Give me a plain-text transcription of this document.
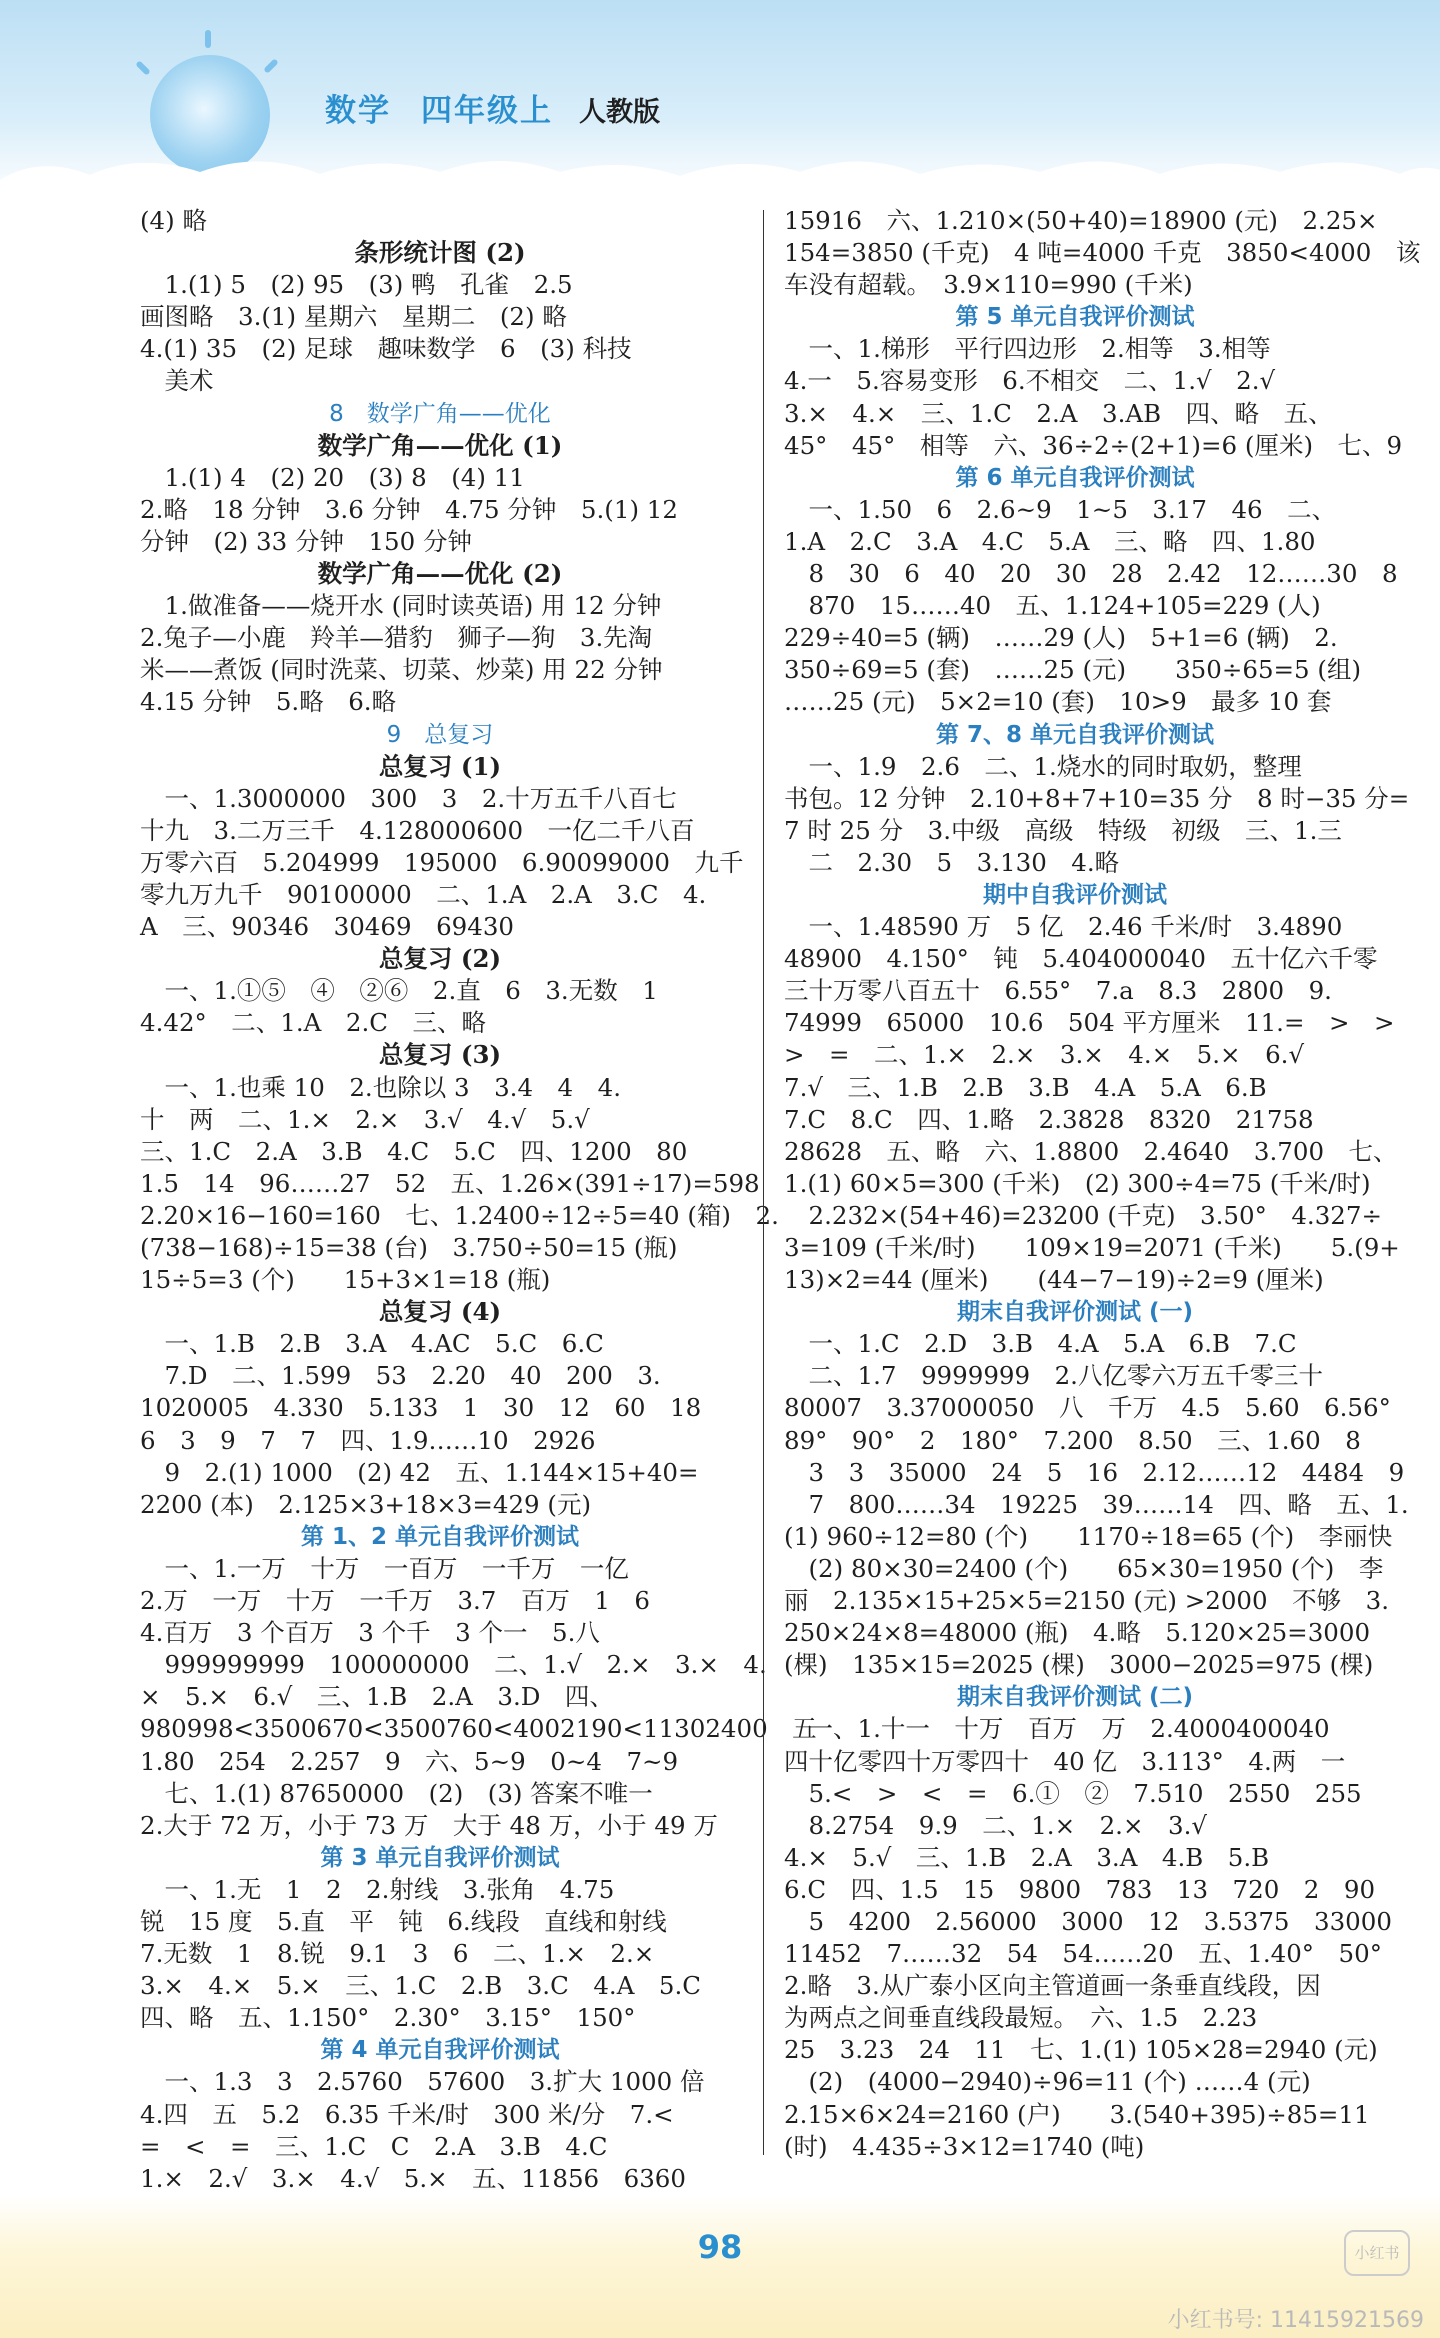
数学 四年级上 人教版
(4) 略
条形统计图 (2)
　1.(1) 5　(2) 95　(3) 鸭　孔雀　2.5
画图略　3.(1) 星期六　星期二　(2) 略
4.(1) 35　(2) 足球　趣味数学　6　(3) 科技
　美术
8　数学广角——优化
数学广角——优化 (1)
　1.(1) 4　(2) 20　(3) 8　(4) 11
2.略　18 分钟　3.6 分钟　4.75 分钟　5.(1) 12
分钟　(2) 33 分钟　150 分钟
数学广角——优化 (2)
　1.做准备——烧开水 (同时读英语) 用 12 分钟
2.兔子—小鹿　羚羊—猎豹　狮子—狗　3.先淘
米——煮饭 (同时洗菜、切菜、炒菜) 用 22 分钟
4.15 分钟　5.略　6.略
9　总复习
总复习 (1)
　一、1.3000000　300　3　2.十万五千八百七
十九　3.二万三千　4.128000600　一亿二千八百
万零六百　5.204999　195000　6.90099000　九千
零九万九千　90100000　二、1.A　2.A　3.C　4.
A　三、90346　30469　69430
总复习 (2)
　一、1.①⑤　④　②⑥　2.直　6　3.无数　1
4.42°　二、1.A　2.C　三、略
总复习 (3)
　一、1.也乘 10　2.也除以 3　3.4　4　4.
十　两　二、1.×　2.×　3.√　4.√　5.√
三、1.C　2.A　3.B　4.C　5.C　四、1200　80
1.5　14　96……27　52　五、1.26×(391÷17)=598
2.20×16−160=160　七、1.2400÷12÷5=40 (箱)　2.
(738−168)÷15=38 (台)　3.750÷50=15 (瓶)
15÷5=3 (个)　　15+3×1=18 (瓶)
总复习 (4)
　一、1.B　2.B　3.A　4.AC　5.C　6.C
　7.D　二、1.599　53　2.20　40　200　3.
1020005　4.330　5.133　1　30　12　60　18
6　3　9　7　7　四、1.9……10　2926
　9　2.(1) 1000　(2) 42　五、1.144×15+40=
2200 (本)　2.125×3+18×3=429 (元)
第 1、2 单元自我评价测试
　一、1.一万　十万　一百万　一千万　一亿
2.万　一万　十万　一千万　3.7　百万　1　6
4.百万　3 个百万　3 个千　3 个一　5.八
　999999999　100000000　二、1.√　2.×　3.×　4.
×　5.×　6.√　三、1.B　2.A　3.D　四、
980998<3500670<3500760<4002190<11302400　五
1.80　254　2.257　9　六、5~9　0~4　7~9
　七、1.(1) 87650000　(2)　(3) 答案不唯一
2.大于 72 万，小于 73 万　大于 48 万，小于 49 万
第 3 单元自我评价测试
　一、1.无　1　2　2.射线　3.张角　4.75
锐　15 度　5.直　平　钝　6.线段　直线和射线
7.无数　1　8.锐　9.1　3　6　二、1.×　2.×
3.×　4.×　5.×　三、1.C　2.B　3.C　4.A　5.C
四、略　五、1.150°　2.30°　3.15°　150°
第 4 单元自我评价测试
　一、1.3　3　2.5760　57600　3.扩大 1000 倍
4.四　五　5.2　6.35 千米/时　300 米/分　7.<
=　<　=　三、1.C　C　2.A　3.B　4.C
1.×　2.√　3.×　4.√　5.×　五、11856　6360
15916　六、1.210×(50+40)=18900 (元)　2.25×
154=3850 (千克)　4 吨=4000 千克　3850<4000　该
车没有超载。　3.9×110=990 (千米)
第 5 单元自我评价测试
　一、1.梯形　平行四边形　2.相等　3.相等
4.一　5.容易变形　6.不相交　二、1.√　2.√
3.×　4.×　三、1.C　2.A　3.AB　四、略　五、
45°　45°　相等　六、36÷2÷(2+1)=6 (厘米)　七、9
第 6 单元自我评价测试
　一、1.50　6　2.6~9　1~5　3.17　46　二、
1.A　2.C　3.A　4.C　5.A　三、略　四、1.80
　8　30　6　40　20　30　28　2.42　12……30　8
　870　15……40　五、1.124+105=229 (人)
229÷40=5 (辆)　……29 (人)　5+1=6 (辆)　2.
350÷69=5 (套)　……25 (元)　　350÷65=5 (组)
……25 (元)　5×2=10 (套)　10>9　最多 10 套
第 7、8 单元自我评价测试
　一、1.9　2.6　二、1.烧水的同时取奶，整理
书包。12 分钟　2.10+8+7+10=35 分　8 时−35 分=
7 时 25 分　3.中级　高级　特级　初级　三、1.三
　二　2.30　5　3.130　4.略
期中自我评价测试
　一、1.48590 万　5 亿　2.46 千米/时　3.4890
48900　4.150°　钝　5.404000040　五十亿六千零
三十万零八百五十　6.55°　7.a　8.3　2800　9.
74999　65000　10.6　504 平方厘米　11.=　>　>
>　=　二、1.×　2.×　3.×　4.×　5.×　6.√
7.√　三、1.B　2.B　3.B　4.A　5.A　6.B
7.C　8.C　四、1.略　2.3828　8320　21758
28628　五、略　六、1.8800　2.4640　3.700　七、
1.(1) 60×5=300 (千米)　(2) 300÷4=75 (千米/时)
　2.232×(54+46)=23200 (千克)　3.50°　4.327÷
3=109 (千米/时)　　109×19=2071 (千米)　　5.(9+
13)×2=44 (厘米)　　(44−7−19)÷2=9 (厘米)
期末自我评价测试 (一)
　一、1.C　2.D　3.B　4.A　5.A　6.B　7.C
　二、1.7　9999999　2.八亿零六万五千零三十
80007　3.37000050　八　千万　4.5　5.60　6.56°
89°　90°　2　180°　7.200　8.50　三、1.60　8
　3　3　35000　24　5　16　2.12……12　4484　9
　7　800……34　19225　39……14　四、略　五、1.
(1) 960÷12=80 (个)　　1170÷18=65 (个)　李丽快
　(2) 80×30=2400 (个)　　65×30=1950 (个)　李
丽　2.135×15+25×5=2150 (元) >2000　不够　3.
250×24×8=48000 (瓶)　4.略　5.120×25=3000
(棵)　135×15=2025 (棵)　3000−2025=975 (棵)
期末自我评价测试 (二)
　一、1.十一　十万　百万　万　2.4000400040
四十亿零四十万零四十　40 亿　3.113°　4.两　一
　5.<　>　<　=　6.①　②　7.510　2550　255
　8.2754　9.9　二、1.×　2.×　3.√
4.×　5.√　三、1.B　2.A　3.A　4.B　5.B
6.C　四、1.5　15　9800　783　13　720　2　90
　5　4200　2.56000　3000　12　3.5375　33000
11452　7……32　54　54……20　五、1.40°　50°
2.略　3.从广泰小区向主管道画一条垂直线段，因
为两点之间垂直线段最短。　六、1.5　2.23
25　3.23　24　11　七、1.(1) 105×28=2940 (元)
　(2)　(4000−2940)÷96=11 (个) ……4 (元)
2.15×6×24=2160 (户)　　3.(540+395)÷85=11
(时)　4.435÷3×12=1740 (吨)
98	小红书
小红书号: 11415921569
